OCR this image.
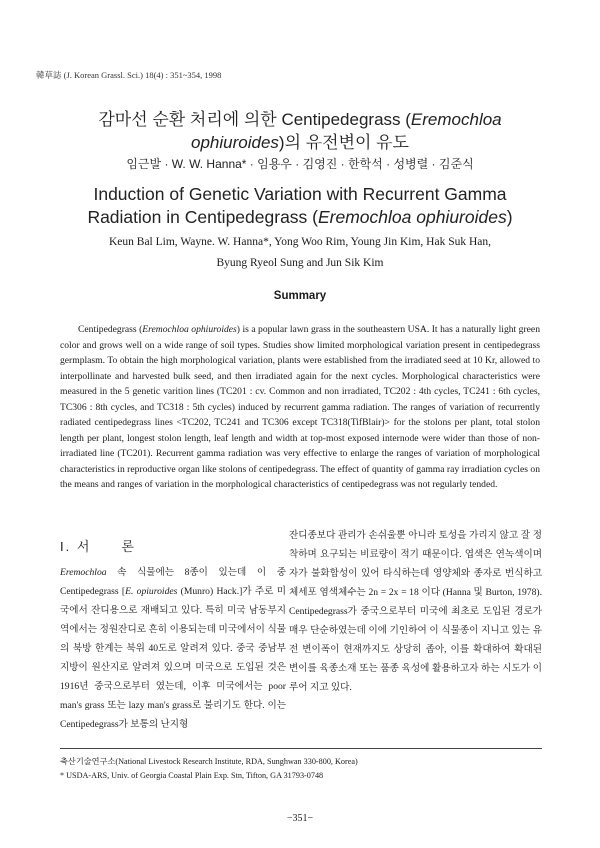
韓草誌 (J. Korean Grassl. Sci.) 18(4) : 351~354, 1998
감마선 순환 처리에 의한 Centipedegrass (Eremochloa
ophiuroides)의 유전변이 유도
임근발 · W. W. Hanna* · 임용우 · 김영진 · 한학석 · 성병렬 · 김준식
Induction of Genetic Variation with Recurrent Gamma
Radiation in Centipedegrass (Eremochloa ophiuroides)
Keun Bal Lim, Wayne. W. Hanna*, Yong Woo Rim, Young Jin Kim, Hak Suk Han,
Byung Ryeol Sung and Jun Sik Kim
Summary
Centipedegrass (Eremochloa ophiuroides) is a popular lawn grass in the southeastern USA. It has a naturally light green color and grows well on a wide range of soil types. Studies show limited morphological variation present in centipedegrass germplasm. To obtain the high morphological variation, plants were established from the irradiated seed at 10 Kr, allowed to interpollinate and harvested bulk seed, and then irradiated again for the next cycles. Morphological characteristics were measured in the 5 genetic varition lines (TC201 : cv. Common and non irradiated, TC202 : 4th cycles, TC241 : 6th cycles, TC306 : 8th cycles, and TC318 : 5th cycles) induced by recurrent gamma radiation. The ranges of variation of recurrently radiated centipedegrass lines <TC202, TC241 and TC306 except TC318(TifBlair)> for the stolons per plant, total stolon length per plant, longest stolon length, leaf length and width at top-most exposed internode were wider than those of non-irradiated line (TC201). Recurrent gamma radiation was very effective to enlarge the ranges of variation of morphological characteristics in reproductive organ like stolons of centipedegrass. The effect of quantity of gamma ray irradiation cycles on the means and ranges of variation in the morphological characteristics of centipedegrass was not regularly tended.
I. 서　　론
Eremochloa 속 식물에는 8종이 있는데 이 중 Centipedegrass [E. opiuroides (Munro) Hack.]가 주로 미국에서 잔디용으로 재배되고 있다. 특히 미국 남동부지역에서는 정원잔디로 흔히 이용되는데 미국에서이 식물의 북방 한계는 북위 40도로 알려져 있다. 중국 중남부 지방이 원산지로 알려져 있으며 미국으로 도입된 것은 1916년 중국으로부터 였는데, 이후 미국에서는 poor man's grass 또는 lazy man's grass로 불리기도 한다. 이는 Centipedegrass가 보통의 난지형
잔디종보다 관리가 손쉬울뿐 아니라 토성을 가리지 않고 잘 정착하며 요구되는 비료량이 적기 때문이다. 엽색은 연녹색이며 자가 불화합성이 있어 타식하는데 영양체와 종자로 번식하고 체세포 염색체수는 2n = 2x = 18 이다 (Hanna 및 Burton, 1978). Centipedegrass가 중국으로부터 미국에 최초로 도입된 경로가 매우 단순하였는데 이에 기인하여 이 식물종이 지니고 있는 유전 변이폭이 현재까지도 상당히 좁아, 이를 확대하여 확대된 변이를 육종소재 또는 품종 육성에 활용하고자 하는 시도가 이루어 지고 있다.
축산기술연구소(National Livestock Research Institute, RDA, Sunghwan 330-800, Korea)
* USDA-ARS, Univ. of Georgia Coastal Plain Exp. Stn, Tifton, GA 31793-0748
−351−
